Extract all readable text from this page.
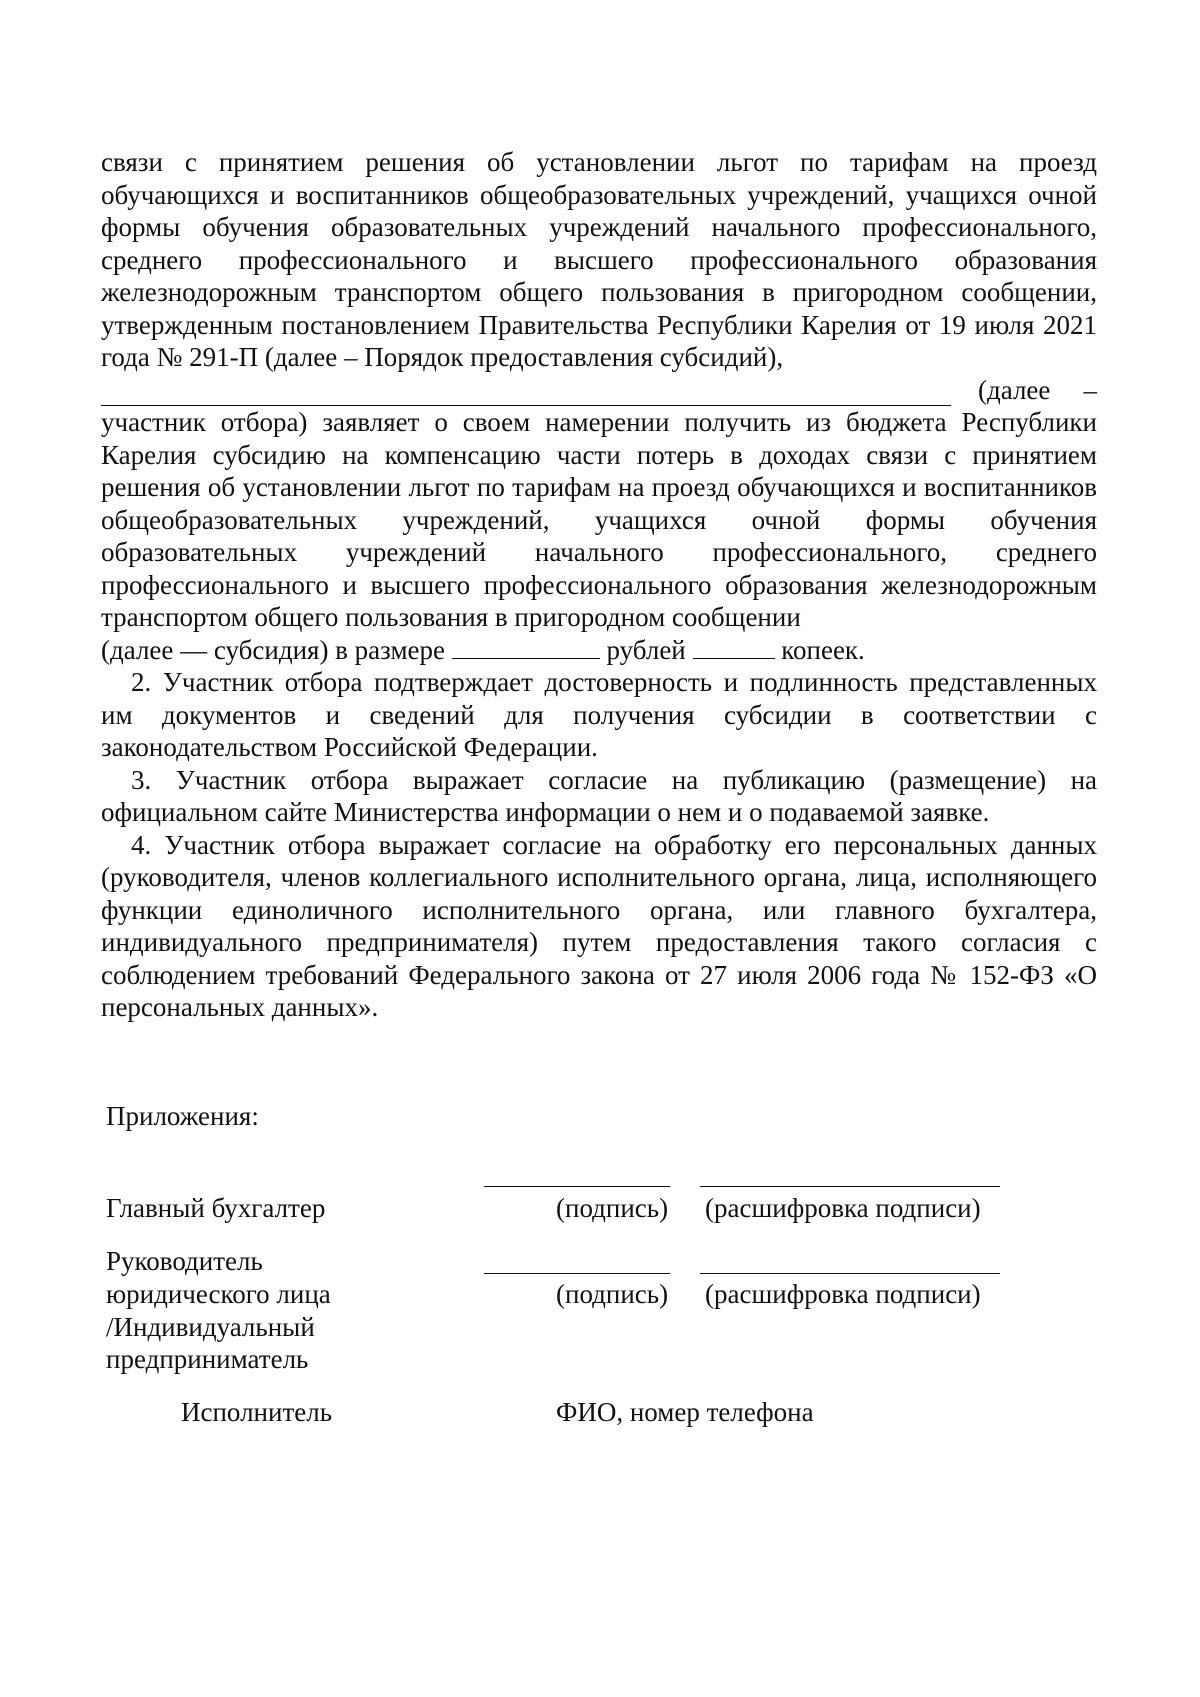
связи с принятием решения об установлении льгот по тарифам на проезд обучающихся и воспитанников общеобразовательных учреждений, учащихся очной формы обучения образовательных учреждений начального профессионального, среднего профессионального и высшего профессионального образования железнодорожным транспортом общего пользования в пригородном сообщении, утвержденным постановлением Правительства Республики Карелия от 19 июля 2021 года № 291-П (далее – Порядок предоставления субсидий),

(далее –

участник отбора) заявляет о своем намерении получить из бюджета Республики Карелия субсидию на компенсацию части потерь в доходах связи с принятием решения об установлении льгот по тарифам на проезд обучающихся и воспитанников общеобразовательных учреждений, учащихся очной формы обучения образовательных учреждений начального профессионального, среднего профессионального и высшего профессионального образования железнодорожным транспортом общего пользования в пригородном сообщении

(далее — субсидия) в размере	рублей	копеек.

2. Участник отбора подтверждает достоверность и подлинность представленных им документов и сведений для получения субсидии в соответствии с законодательством Российской Федерации.

3. Участник отбора выражает согласие на публикацию (размещение) на официальном сайте Министерства информации о нем и о подаваемой заявке.

4. Участник отбора выражает согласие на обработку его персональных данных (руководителя, членов коллегиального исполнительного органа, лица, исполняющего функции единоличного исполнительного органа, или главного бухгалтера, индивидуального предпринимателя) путем предоставления такого согласия с соблюдением требований Федерального закона от 27 июля 2006 года № 152-ФЗ «О персональных данных».

Приложения:
Главный бухгалтер	(подпись) (расшифровка подписи)
Руководитель
юридического лица	(подпись) (расшифровка подписи)
/Индивидуальный
предприниматель
Исполнитель	ФИО, номер телефона
